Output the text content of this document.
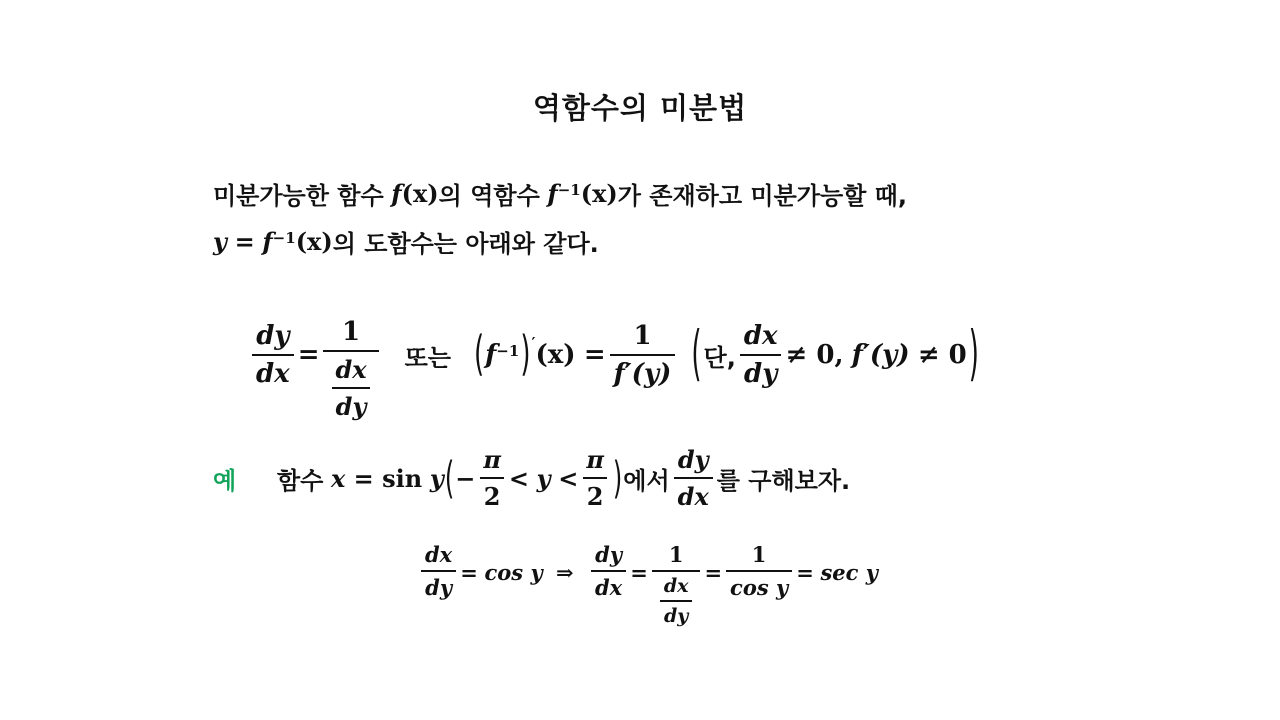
역함수의 미분법
미분가능한 함수
f (x) 의 역함수
$f^{-1}$ (x) 가 존재하고 미분가능할 때,
y
=
$f^{-1}$ (x) 의 도함수는 아래와 같다.
$\frac{dy}{dx} = \frac{1}{\frac{dx}{dy}}$ 또는 ( $f^{-1}$ )′ (x)
= $\frac{1}{f'(y)}$ ( 단, $\frac{dx}{dy} \ne 0$,
f′(y)
≠ 0 )
예	함수
x = sin
y ( − $\frac{\pi}{2}$ <
y
< $\frac{\pi}{2}$ ) 에서 $\frac{dy}{dx}$ 를 구해보자.
$\frac{dx}{dy}$ =
cos y
⇒
$\frac{dy}{dx} = \frac{1}{\frac{dx}{dy}} = \frac{1}{\text{cos y}}$ =
sec y
